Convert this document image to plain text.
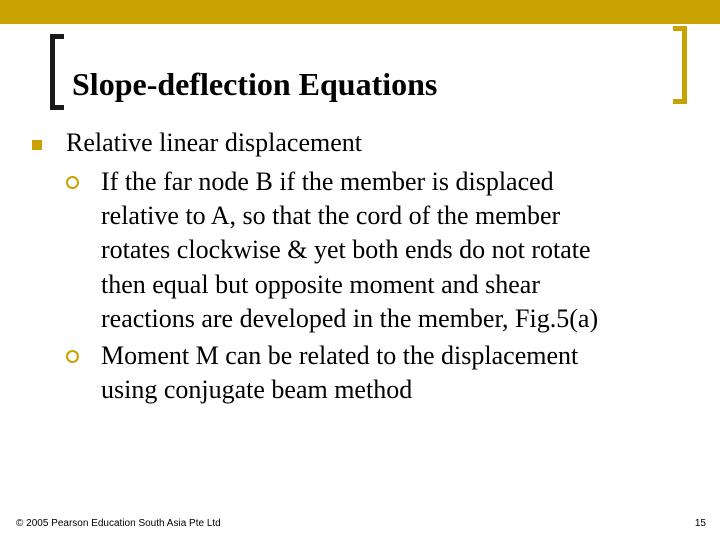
Slope-deflection Equations
Relative linear displacement
If the far node B if the member is displaced
relative to A, so that the cord of the member
rotates clockwise & yet both ends do not rotate
then equal but opposite moment and shear
reactions are developed in the member, Fig.5(a)
Moment M can be related to the displacement
using conjugate beam method
© 2005 Pearson Education South Asia Pte Ltd	15
